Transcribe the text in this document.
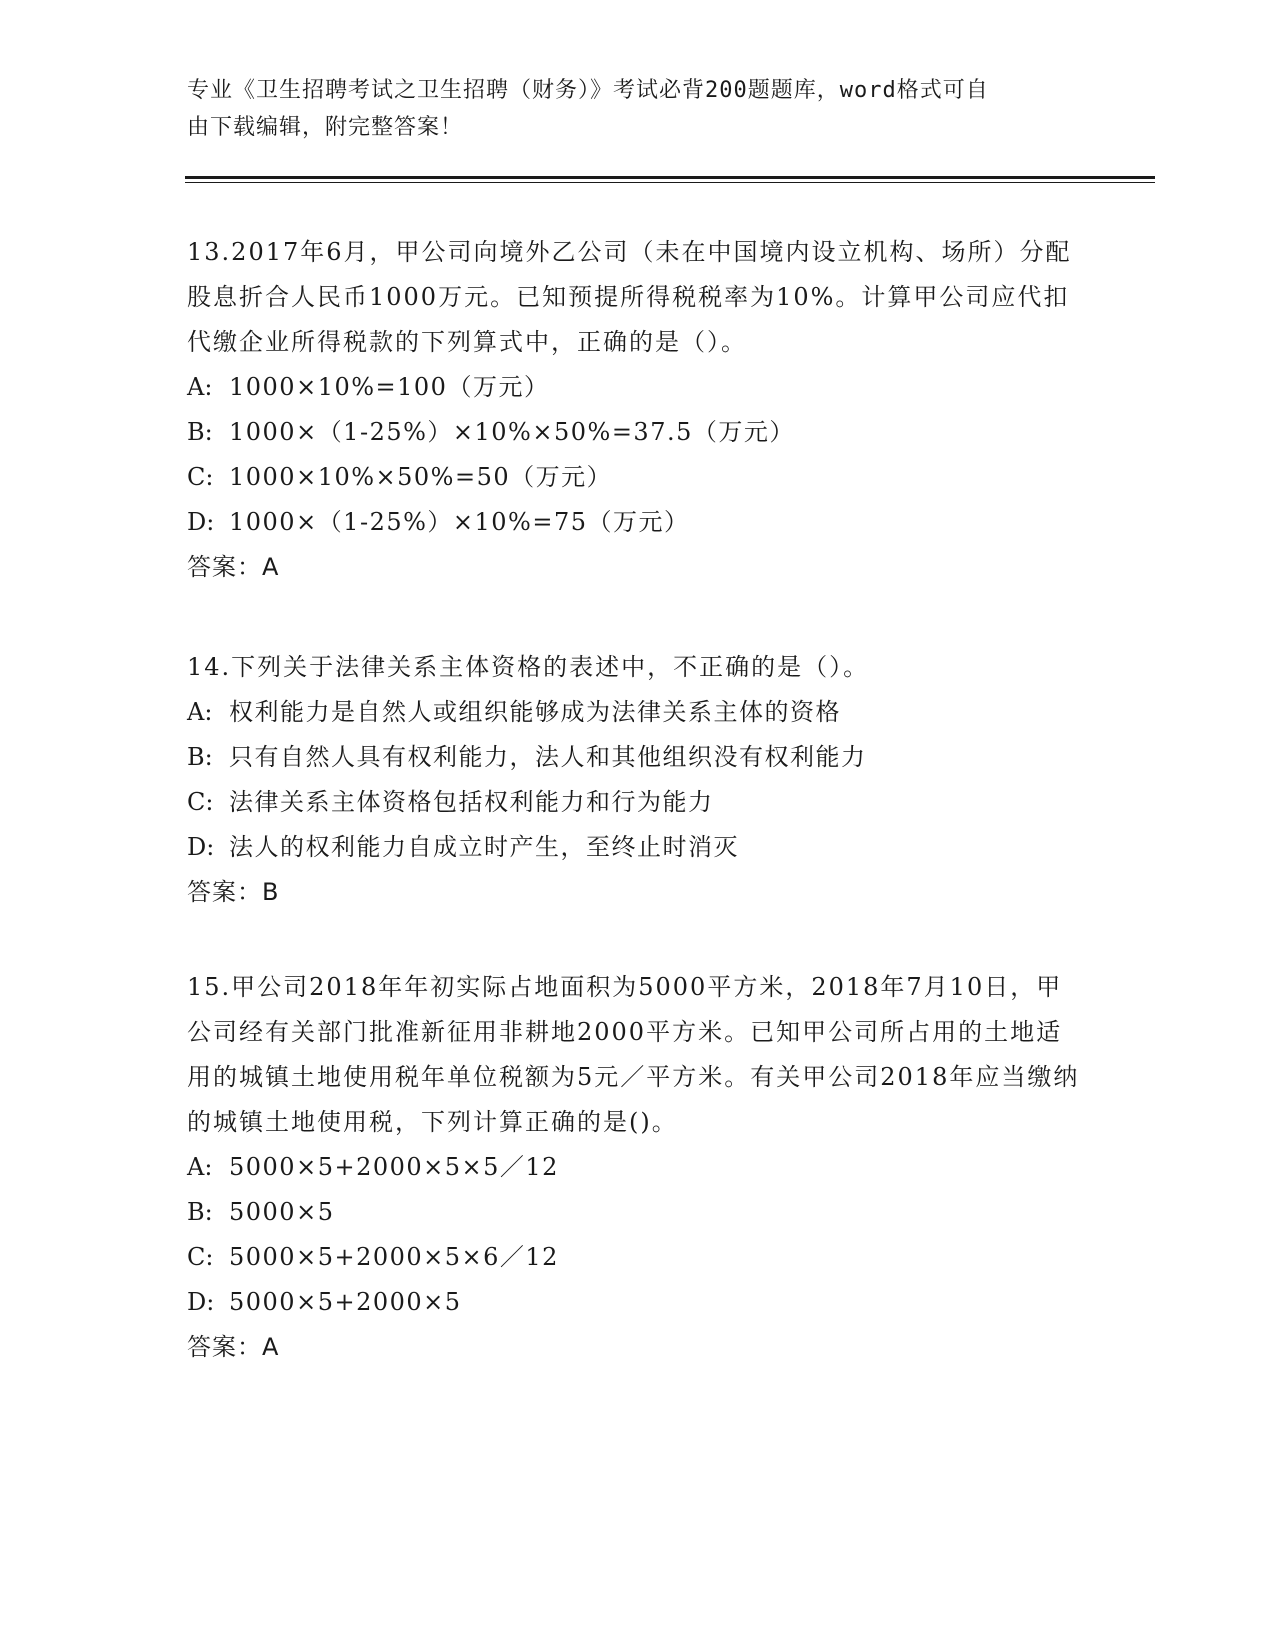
专业《卫生招聘考试之卫生招聘（财务）》考试必背200题题库，word格式可自
由下载编辑，附完整答案！

13.2017年6月，甲公司向境外乙公司（未在中国境内设立机构、场所）分配股息折合人民币1000万元。已知预提所得税税率为10%。计算甲公司应代扣代缴企业所得税款的下列算式中，正确的是（）。

A: 1000×10%=100（万元）

B: 1000×（1-25%）×10%×50%=37.5（万元）

C: 1000×10%×50%=50（万元）

D: 1000×（1-25%）×10%=75（万元）

答案：A

14.下列关于法律关系主体资格的表述中，不正确的是（）。

A: 权利能力是自然人或组织能够成为法律关系主体的资格

B: 只有自然人具有权利能力，法人和其他组织没有权利能力

C: 法律关系主体资格包括权利能力和行为能力

D: 法人的权利能力自成立时产生，至终止时消灭

答案：B

15.甲公司2018年年初实际占地面积为5000平方米，2018年7月10日，甲公司经有关部门批准新征用非耕地2000平方米。已知甲公司所占用的土地适用的城镇土地使用税年单位税额为5元／平方米。有关甲公司2018年应当缴纳的城镇土地使用税，下列计算正确的是()。

A: 5000×5+2000×5×5／12

B: 5000×5

C: 5000×5+2000×5×6／12

D: 5000×5+2000×5

答案：A
